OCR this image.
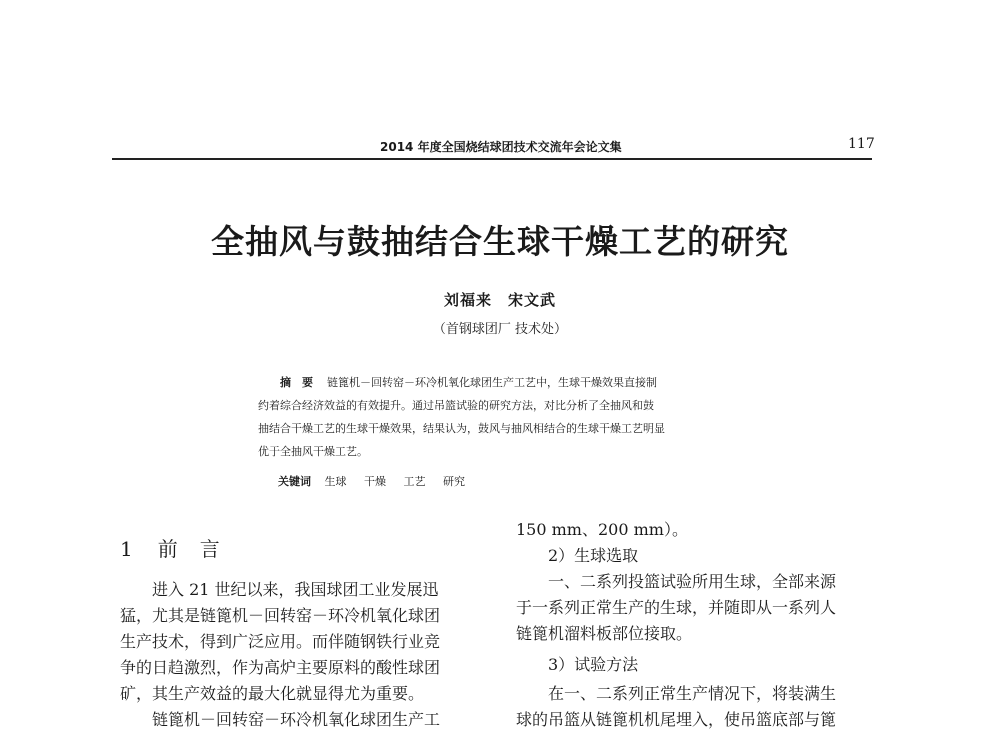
2014 年度全国烧结球团技术交流年会论文集	117
全抽风与鼓抽结合生球干燥工艺的研究
刘福来　宋文武
（首钢球团厂 技术处）
摘　要 链篦机－回转窑－环冷机氧化球团生产工艺中，生球干燥效果直接制
约着综合经济效益的有效提升。通过吊篮试验的研究方法，对比分析了全抽风和鼓
抽结合干燥工艺的生球干燥效果，结果认为，鼓风与抽风相结合的生球干燥工艺明显
优于全抽风干燥工艺。
关键词 生球 干燥 工艺 研究
1 前　言
进入 21 世纪以来，我国球团工业发展迅
猛，尤其是链篦机－回转窑－环冷机氧化球团
生产技术，得到广泛应用。而伴随钢铁行业竞
争的日趋激烈，作为高炉主要原料的酸性球团
矿，其生产效益的最大化就显得尤为重要。
链篦机－回转窑－环冷机氧化球团生产工
150 mm、200 mm）。
2）生球选取
一、二系列投篮试验所用生球，全部来源
于一系列正常生产的生球，并随即从一系列人
链篦机溜料板部位接取。
3）试验方法
在一、二系列正常生产情况下，将装满生
球的吊篮从链篦机机尾埋入，使吊篮底部与篦
